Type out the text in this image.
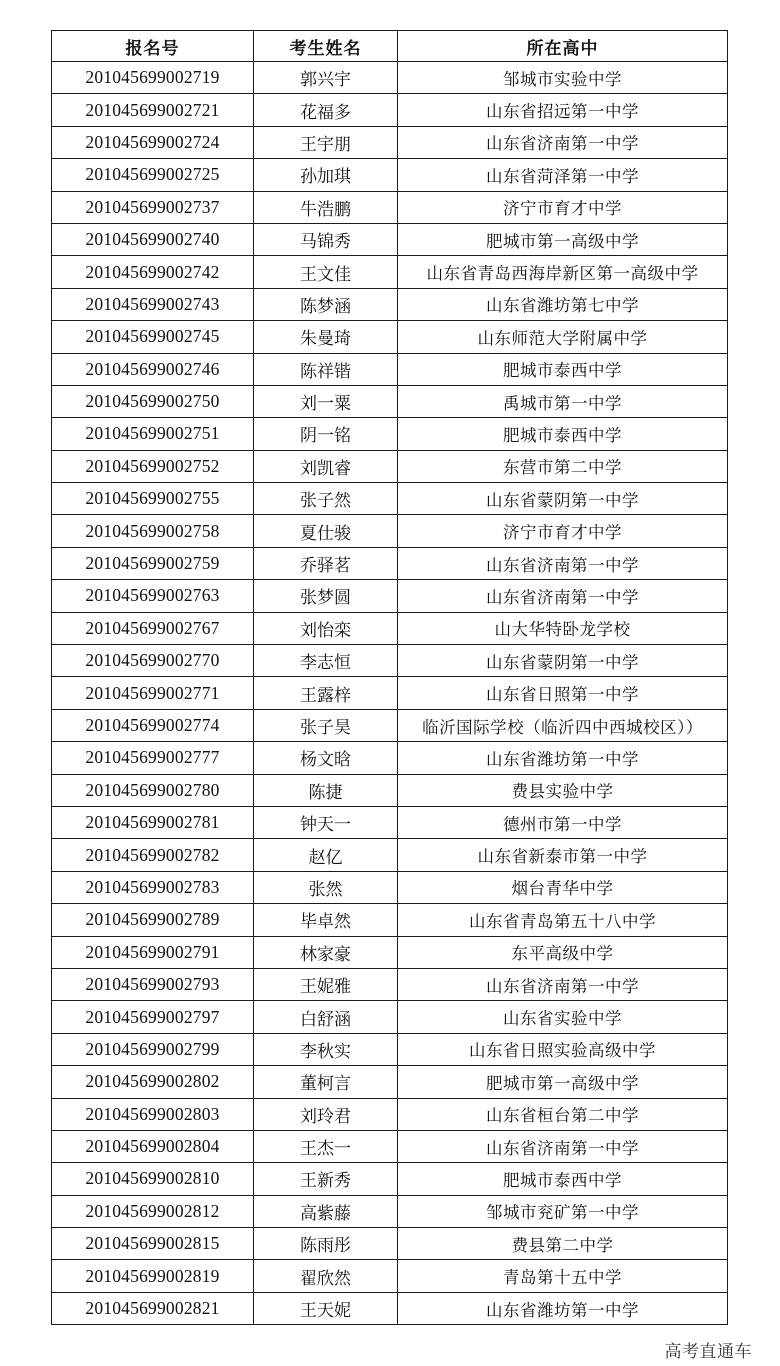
报名号	考生姓名	所在高中
201045699002719	郭兴宇	邹城市实验中学
201045699002721	花福多	山东省招远第一中学
201045699002724	王宇朋	山东省济南第一中学
201045699002725	孙加琪	山东省菏泽第一中学
201045699002737	牛浩鹏	济宁市育才中学
201045699002740	马锦秀	肥城市第一高级中学
201045699002742	王文佳	山东省青岛西海岸新区第一高级中学
201045699002743	陈梦涵	山东省潍坊第七中学
201045699002745	朱曼琦	山东师范大学附属中学
201045699002746	陈祥锴	肥城市泰西中学
201045699002750	刘一粟	禹城市第一中学
201045699002751	阴一铭	肥城市泰西中学
201045699002752	刘凯睿	东营市第二中学
201045699002755	张子然	山东省蒙阴第一中学
201045699002758	夏仕骏	济宁市育才中学
201045699002759	乔驿茗	山东省济南第一中学
201045699002763	张梦圆	山东省济南第一中学
201045699002767	刘怡栾	山大华特卧龙学校
201045699002770	李志恒	山东省蒙阴第一中学
201045699002771	王露梓	山东省日照第一中学
201045699002774	张子昊	临沂国际学校（临沂四中西城校区））
201045699002777	杨文晗	山东省潍坊第一中学
201045699002780	陈捷	费县实验中学
201045699002781	钟天一	德州市第一中学
201045699002782	赵亿	山东省新泰市第一中学
201045699002783	张然	烟台青华中学
201045699002789	毕卓然	山东省青岛第五十八中学
201045699002791	林家豪	东平高级中学
201045699002793	王妮雅	山东省济南第一中学
201045699002797	白舒涵	山东省实验中学
201045699002799	李秋实	山东省日照实验高级中学
201045699002802	董柯言	肥城市第一高级中学
201045699002803	刘玲君	山东省桓台第二中学
201045699002804	王杰一	山东省济南第一中学
201045699002810	王新秀	肥城市泰西中学
201045699002812	高紫藤	邹城市兖矿第一中学
201045699002815	陈雨彤	费县第二中学
201045699002819	翟欣然	青岛第十五中学
201045699002821	王天妮	山东省潍坊第一中学
高考直通车
